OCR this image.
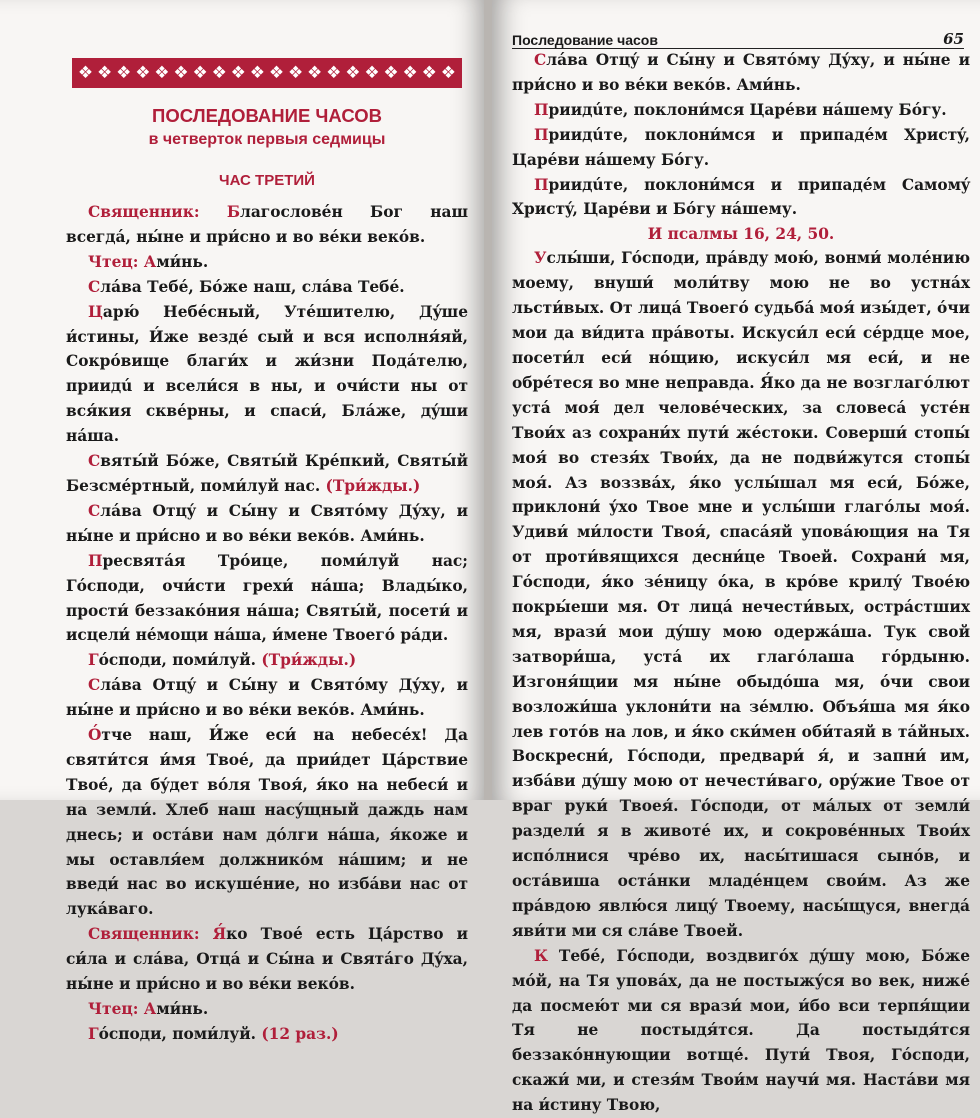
❖ ❖ ❖ ❖ ❖ ❖ ❖ ❖ ❖ ❖ ❖ ❖ ❖ ❖ ❖ ❖ ❖ ❖ ❖ ❖
ПОСЛЕДОВАНИЕ ЧАСОВ
в четверток первыя седмицы
ЧАС ТРЕТИЙ

Священник: Благословéн Бог наш всегдá, ны́не и при́сно и во вéки векóв.

Чтец: Ами́нь.

Слáва Тебé, Бóже наш, слáва Тебé.

Царю́ Небéсный, Утéшителю, Дýше и́стины, И́же вездé сый и вся исполня́яй, Сокрóвище благи́х и жи́зни Подáтелю, приидú и всели́ся в ны, и очи́сти ны от вся́кия сквéрны, и спаси́, Блáже, дýши нáша.

Святы́й Бóже, Святы́й Крéпкий, Святы́й Безсмéртный, поми́луй нас. (Три́жды.)

Слáва Отцý и Сы́ну и Святóму Дýху, и ны́не и при́сно и во вéки векóв. Ами́нь.

Пресвятáя Трóице, поми́луй нас; Гóсподи, очи́сти грехи́ нáша; Влады́ко, прости́ беззакóния нáша; Святы́й, посети́ и исцели́ нéмощи нáша, и́мене Твоегó рáди.

Гóсподи, поми́луй. (Три́жды.)

Слáва Отцý и Сы́ну и Святóму Дýху, и ны́не и при́сно и во вéки векóв. Ами́нь.

О́тче наш, И́же еси́ на небесéх! Да святи́тся и́мя Твоé, да прии́дет Цáрствие Твоé, да бýдет вóля Твоя́, я́ко на небеси́ и на земли́. Хлеб наш насýщный даждь нам днесь; и остáви нам дóлги нáша, я́коже и мы оставля́ем должникóм нáшим; и не введи́ нас во искушéние, но изба́ви нас от лукáваго.

Священник: Я́ко Твоé есть Цáрство и си́ла и слáва, Отцá и Сы́на и Святáго Дýха, ны́не и при́сно и во вéки векóв.

Чтец: Ами́нь.

Гóсподи, поми́луй. (12 раз.)

Последование часов	65

Слáва Отцý и Сы́ну и Святóму Дýху, и ны́не и при́сно и во вéки векóв. Ами́нь.

Приидúте, поклони́мся Царéви нáшему Бóгу.

Приидúте, поклони́мся и припадéм Христý, Царéви нáшему Бóгу.

Приидúте, поклони́мся и припадéм Самомý Христý, Царéви и Бóгу нáшему.

И псалмы 16, 24, 50.

Услы́ши, Гóсподи, прáвду мою́, вонми́ молéнию моему, внуши́ моли́тву мою не во устнáх льсти́вых. От лица́ Твоегó судьбá моя́ изы́дет, óчи мои да ви́дита прáвоты. Искуси́л еси́ сéрдце мое, посети́л еси́ нóщию, искуси́л мя еси́, и не обрéтеся во мне неправда. Я́ко да не возглагóлют устá моя́ дел человéческих, за словесá устéн Твои́х аз сохрани́х пути́ жéстоки. Соверши́ стопы́ моя́ во стезя́х Твои́х, да не подви́жутся стопы́ моя́. Аз воззвáх, я́ко услы́шал мя еси́, Бóже, приклони́ ýхо Твое мне и услы́ши глагóлы моя́. Удиви́ ми́лости Твоя́, спасáяй уповáющия на Тя от проти́вящихся десни́це Твоей. Сохрани́ мя, Гóсподи, я́ко зéницу óка, в крóве крилý Твоéю покры́еши мя. От лица́ нечести́вых, острáстших мя, врази́ мои дýшу мою одержáша. Тук свой затвори́ша, устá их глагóлаша гóрдыню. Изгоня́щии мя ны́не обыдóша мя, óчи свои возложи́ша уклони́ти на зéмлю. Объя́ша мя я́ко лев готóв на лов, и я́ко ски́мен оби́таяй в тáйных. Воскресни́, Гóсподи, предвари́ я́, и запни́ им, изба́ви дýшу мою от нечести́ваго, орýжие Твое от враг руки́ Твоея́. Гóсподи, от мáлых от земли́ раздели́ я в животе́ их, и сокровéнных Твои́х испóлнися чрéво их, насы́тишася сынóв, и остáвиша остáнки младéнцем свои́м. Аз же прáвдою явлю́ся лицý Твоему, насы́щуся, внегдá яви́ти ми ся слáве Твоей.

К Тебé, Гóсподи, воздвиго́х дýшу мою, Бóже мóй, на Тя уповáх, да не постыжýся во век, ниже́ да посмею́т ми ся врази́ мои, и́бо вси терпя́щии Тя не постыдя́тся. Да постыдя́тся беззакóннующии вотщé. Пути́ Твоя, Гóсподи, скажи́ ми, и стезя́м Твои́м научи́ мя. Настáви мя на и́стину Твою,
